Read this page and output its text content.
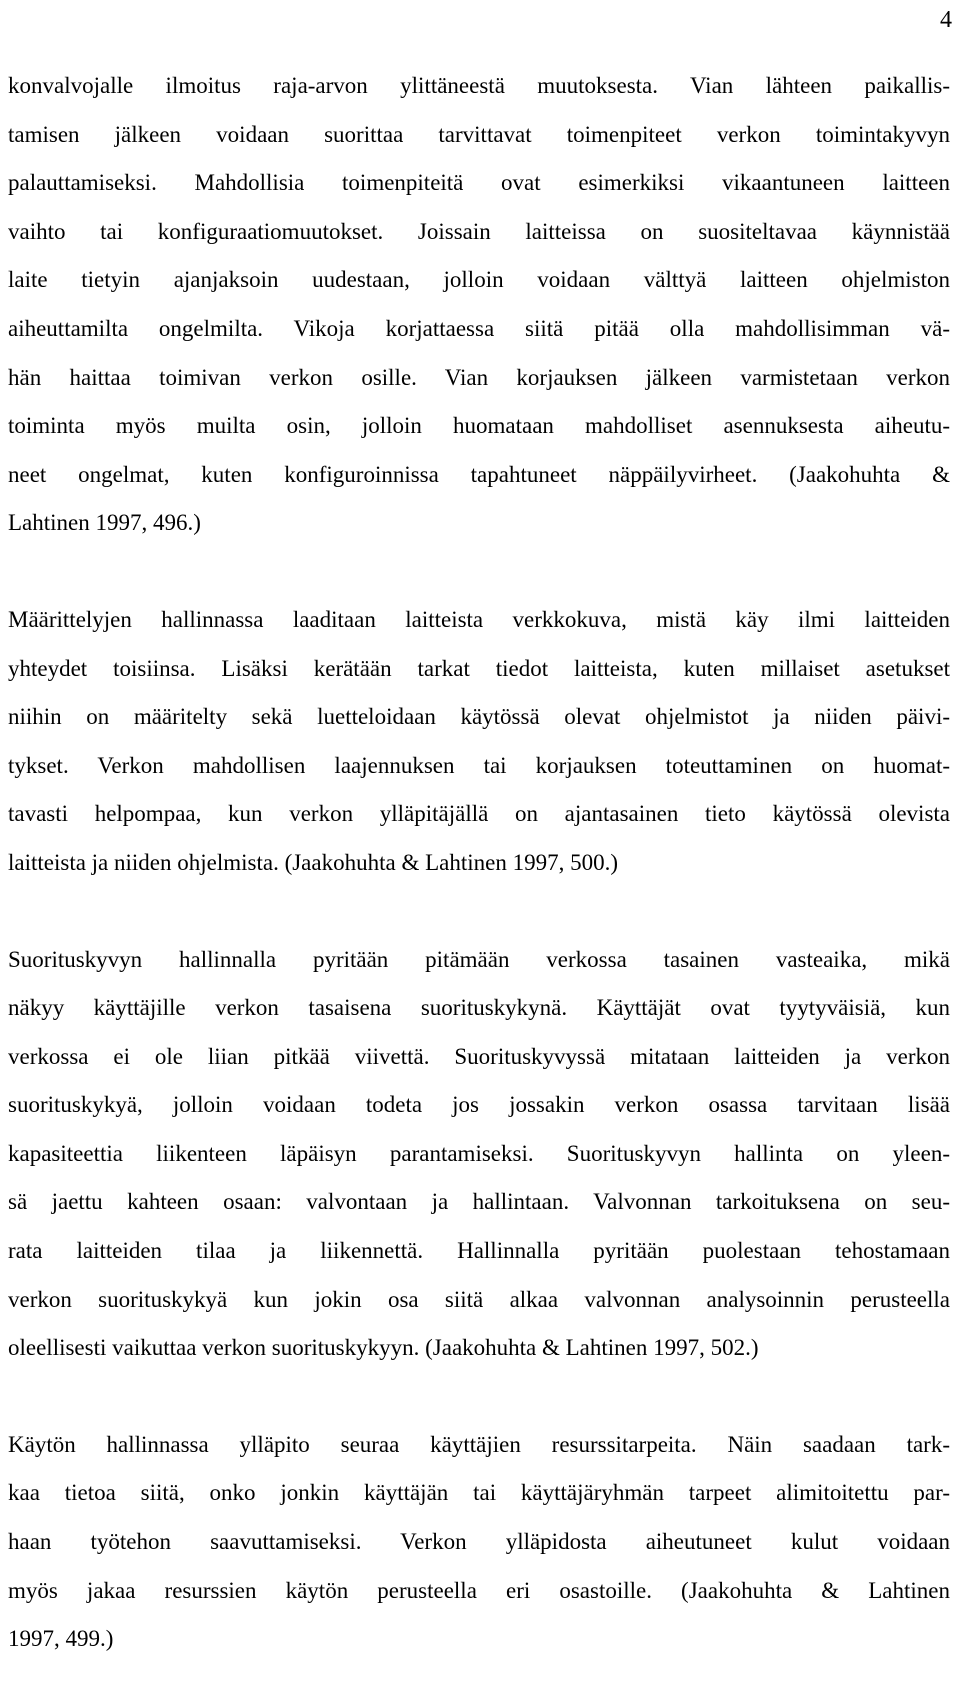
4

konvalvojalle ilmoitus raja-arvon ylittäneestä muutoksesta. Vian lähteen paikallis-
tamisen jälkeen voidaan suorittaa tarvittavat toimenpiteet verkon toimintakyvyn
palauttamiseksi. Mahdollisia toimenpiteitä ovat esimerkiksi vikaantuneen laitteen
vaihto tai konfiguraatiomuutokset. Joissain laitteissa on suositeltavaa käynnistää
laite tietyin ajanjaksoin uudestaan, jolloin voidaan välttyä laitteen ohjelmiston
aiheuttamilta ongelmilta. Vikoja korjattaessa siitä pitää olla mahdollisimman vä-
hän haittaa toimivan verkon osille. Vian korjauksen jälkeen varmistetaan verkon
toiminta myös muilta osin, jolloin huomataan mahdolliset asennuksesta aiheutu-
neet ongelmat, kuten konfiguroinnissa tapahtuneet näppäilyvirheet. (Jaakohuhta &
Lahtinen 1997, 496.)

Määrittelyjen hallinnassa laaditaan laitteista verkkokuva, mistä käy ilmi laitteiden
yhteydet toisiinsa. Lisäksi kerätään tarkat tiedot laitteista, kuten millaiset asetukset
niihin on määritelty sekä luetteloidaan käytössä olevat ohjelmistot ja niiden päivi-
tykset. Verkon mahdollisen laajennuksen tai korjauksen toteuttaminen on huomat-
tavasti helpompaa, kun verkon ylläpitäjällä on ajantasainen tieto käytössä olevista
laitteista ja niiden ohjelmista. (Jaakohuhta & Lahtinen 1997, 500.)

Suorituskyvyn hallinnalla pyritään pitämään verkossa tasainen vasteaika, mikä
näkyy käyttäjille verkon tasaisena suorituskykynä. Käyttäjät ovat tyytyväisiä, kun
verkossa ei ole liian pitkää viivettä. Suorituskyvyssä mitataan laitteiden ja verkon
suorituskykyä, jolloin voidaan todeta jos jossakin verkon osassa tarvitaan lisää
kapasiteettia liikenteen läpäisyn parantamiseksi. Suorituskyvyn hallinta on yleen-
sä jaettu kahteen osaan: valvontaan ja hallintaan. Valvonnan tarkoituksena on seu-
rata laitteiden tilaa ja liikennettä. Hallinnalla pyritään puolestaan tehostamaan
verkon suorituskykyä kun jokin osa siitä alkaa valvonnan analysoinnin perusteella
oleellisesti vaikuttaa verkon suorituskykyyn. (Jaakohuhta & Lahtinen 1997, 502.)

Käytön hallinnassa ylläpito seuraa käyttäjien resurssitarpeita. Näin saadaan tark-
kaa tietoa siitä, onko jonkin käyttäjän tai käyttäjäryhmän tarpeet alimitoitettu par-
haan työtehon saavuttamiseksi. Verkon ylläpidosta aiheutuneet kulut voidaan
myös jakaa resurssien käytön perusteella eri osastoille. (Jaakohuhta & Lahtinen
1997, 499.)
